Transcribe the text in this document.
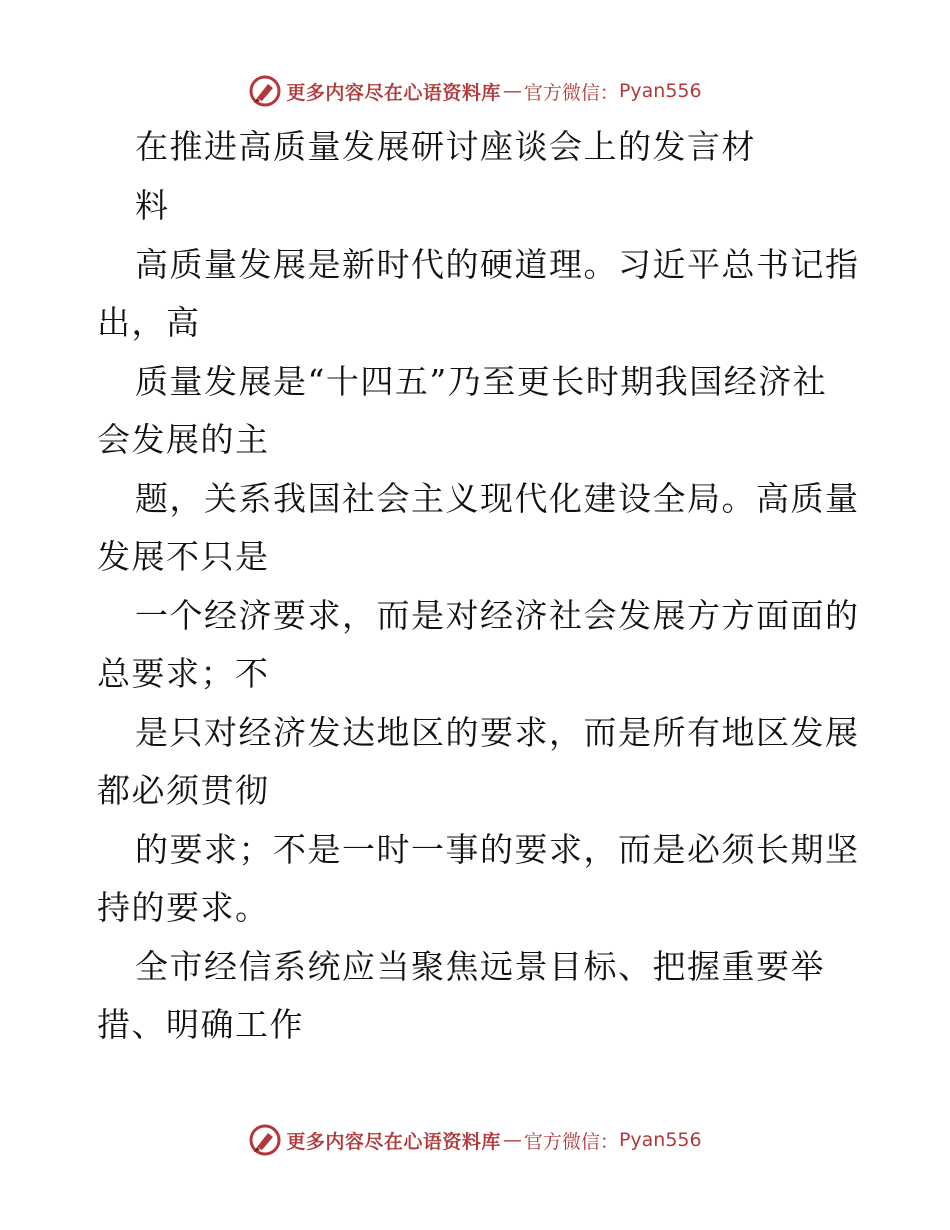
更多内容尽在心语资料库 — 官方微信： Pyan556
在推进高质量发展研讨座谈会上的发言材
料
高质量发展是新时代的硬道理。习近平总书记指
出，高
质量发展是“十四五”乃至更长时期我国经济社
会发展的主
题，关系我国社会主义现代化建设全局。高质量
发展不只是
一个经济要求，而是对经济社会发展方方面面的
总要求；不
是只对经济发达地区的要求，而是所有地区发展
都必须贯彻
的要求；不是一时一事的要求，而是必须长期坚
持的要求。
全市经信系统应当聚焦远景目标、把握重要举
措、明确工作
更多内容尽在心语资料库 — 官方微信： Pyan556
